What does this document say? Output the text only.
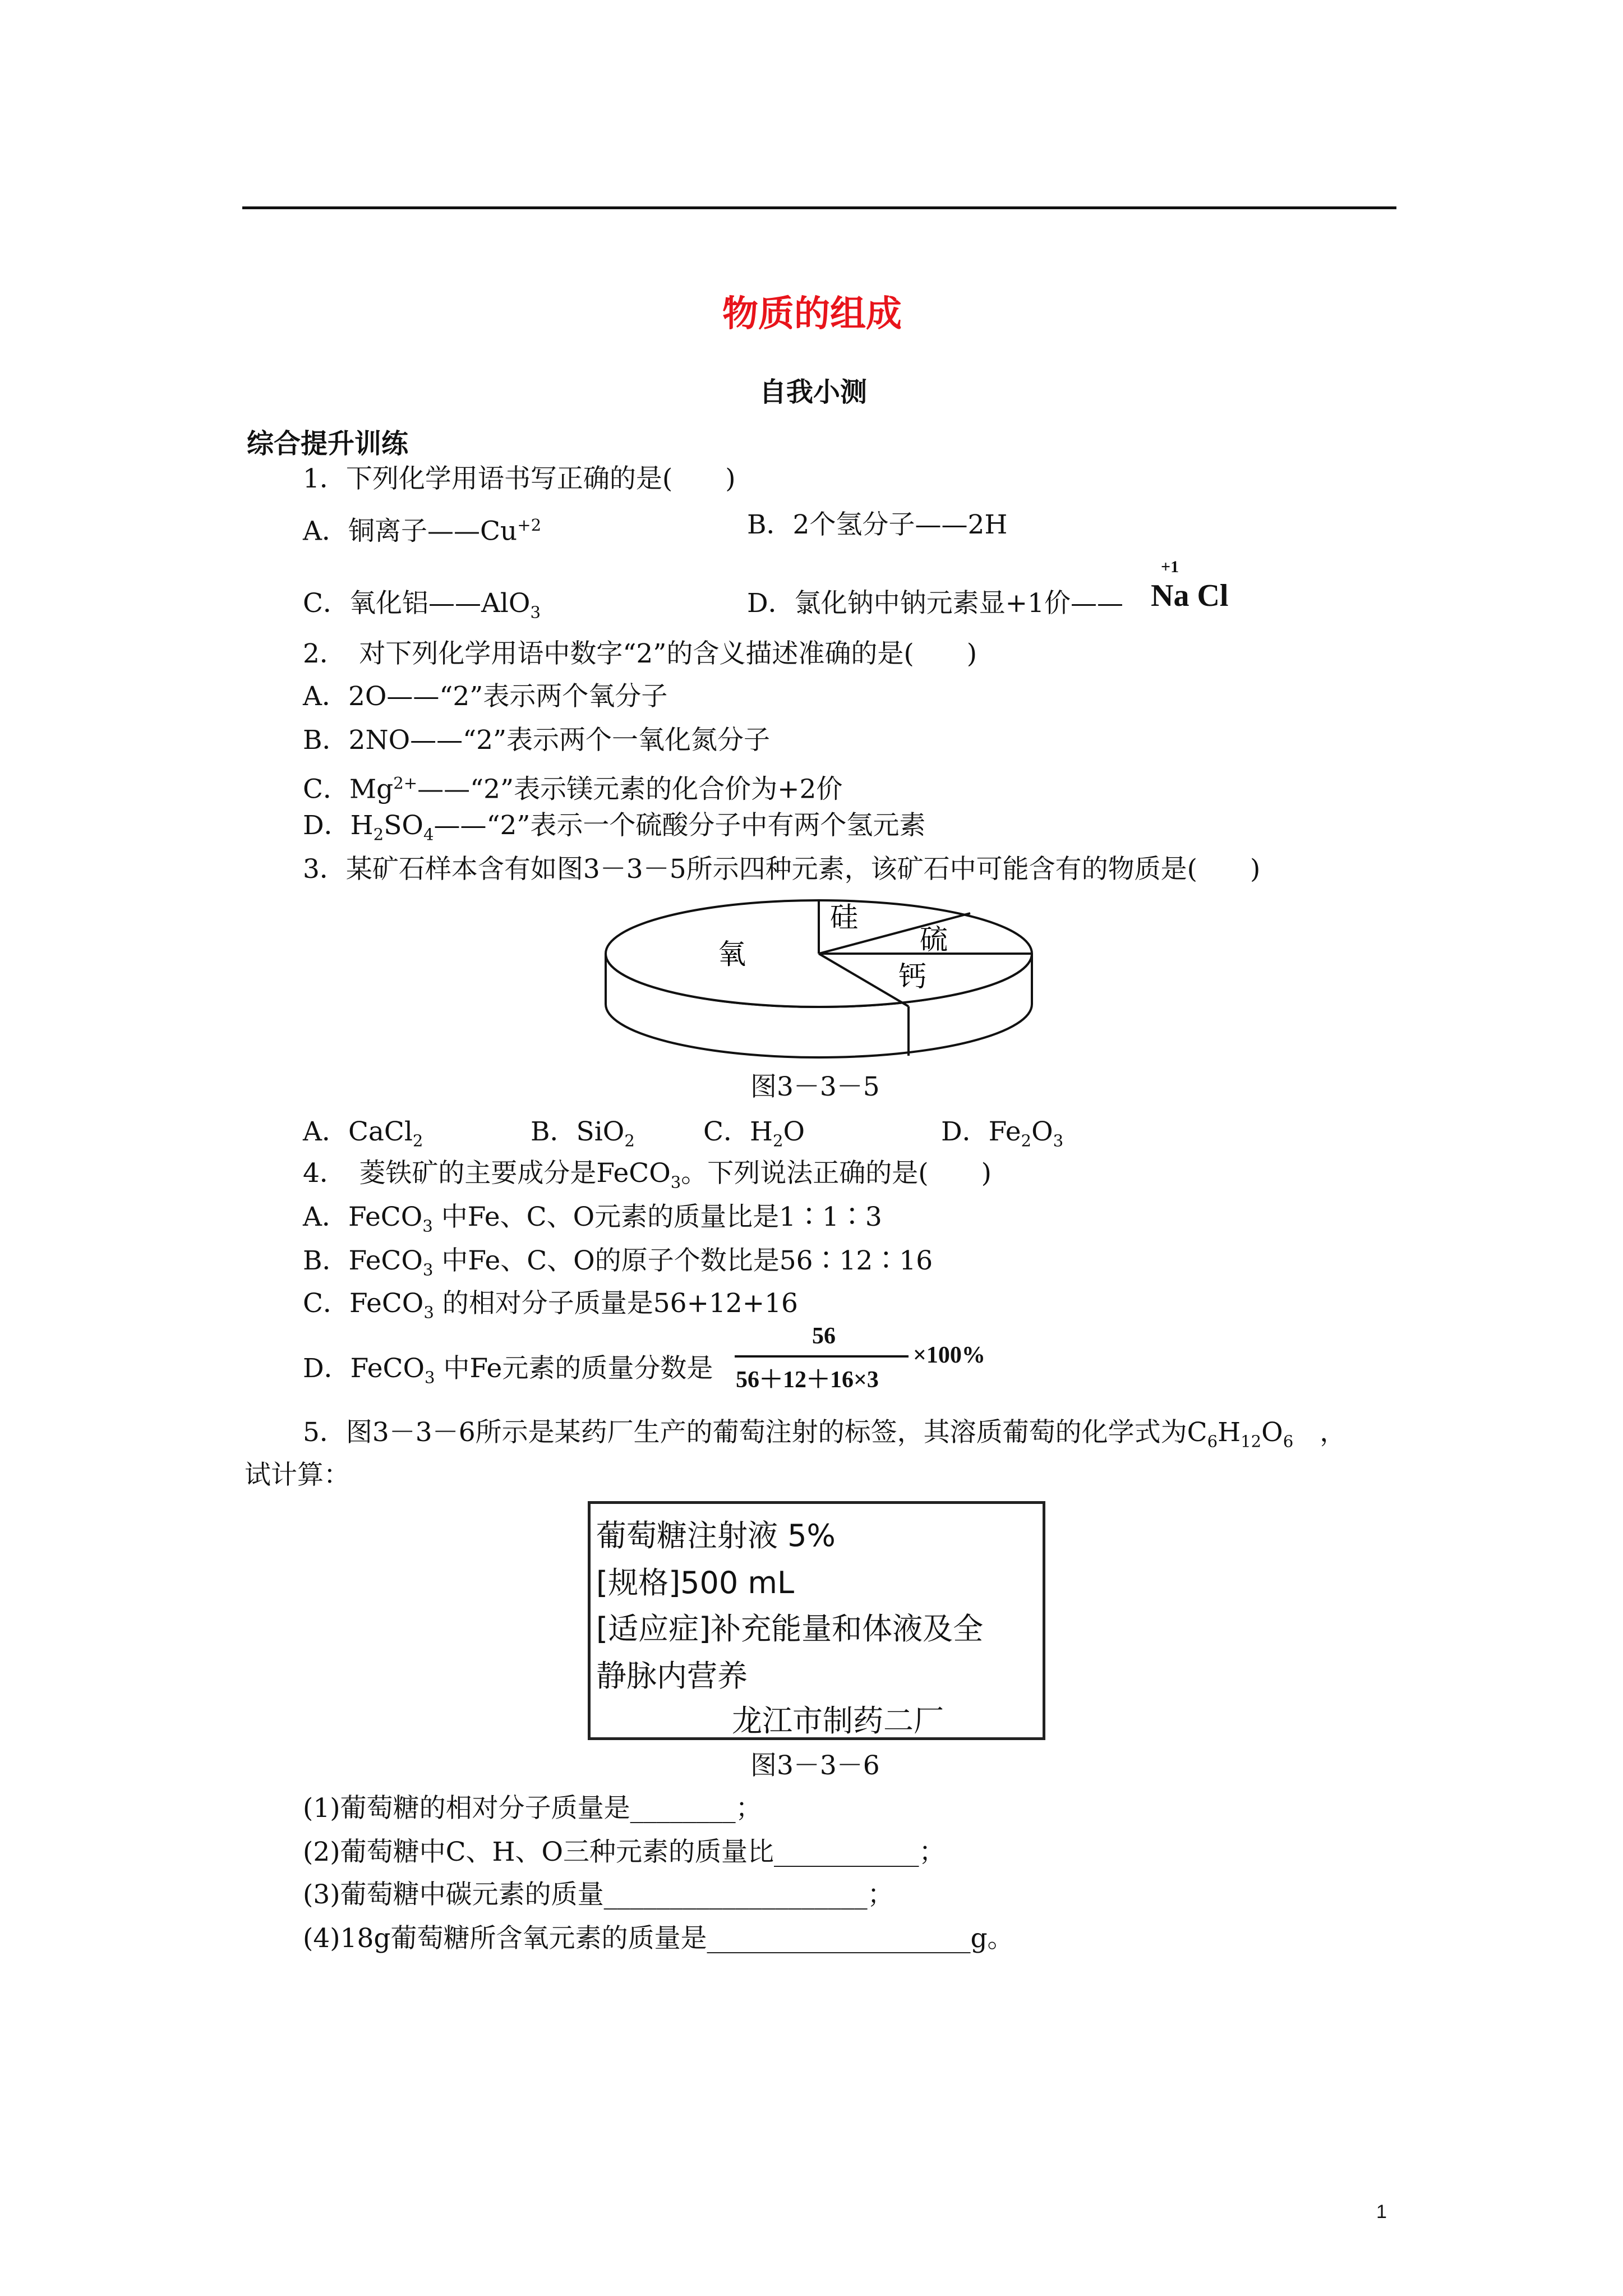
物质的组成
自我小测
综合提升训练
1．下列化学用语书写正确的是(　　)
A．铜离子$——Cu^{+2}$	B．2个氢分子——2H
C．氧化铝——AlO$_3$	D．氯化钠中钠元素显+1价——
+1
Na Cl
2．　对下列化学用语中数字“2”的含义描述准确的是(　　)
A．2O——“2”表示两个氧分子
B．2NO——“2”表示两个一氧化氮分子
C．$Mg^{2+}——“2$”表示镁元素的化合价为+2价
D．$H_2SO_4——“2$”表示一个硫酸分子中有两个氢元素
3．某矿石样本含有如图3－3－5所示四种元素，该矿石中可能含有的物质是(　　)
氧
硅
硫
钙
图3－3－5
A．CaCl$_2$	B．SiO$_2$	C．$H_2O$	D．$Fe_2O_3$
4．　菱铁矿的主要成分是FeCO$_3$。下列说法正确的是(　　)
A．FeCO$_3$ 中Fe、C、O元素的质量比是1∶1∶3
B．FeCO$_3$ 中Fe、C、O的原子个数比是56∶12∶16
C．FeCO$_3$ 的相对分子质量是56+12+16
D．FeCO$_3$ 中Fe元素的质量分数是
56
56＋12＋16×3
×100%
5．图3－3－6所示是某药厂生产的葡萄注射的标签，其溶质葡萄的化学式为$C_6H_{12}O_6$　，
试计算：
葡萄糖注射液 5%
[规格]500 mL
[适应症]补充能量和体液及全
静脉内营养
龙江市制药二厂
图3－3－6
(1)葡萄糖的相对分子质量是________；
(2)葡萄糖中C、H、O三种元素的质量比___________；
(3)葡萄糖中碳元素的质量____________________；
(4)18g葡萄糖所含氧元素的质量是____________________g。
1
